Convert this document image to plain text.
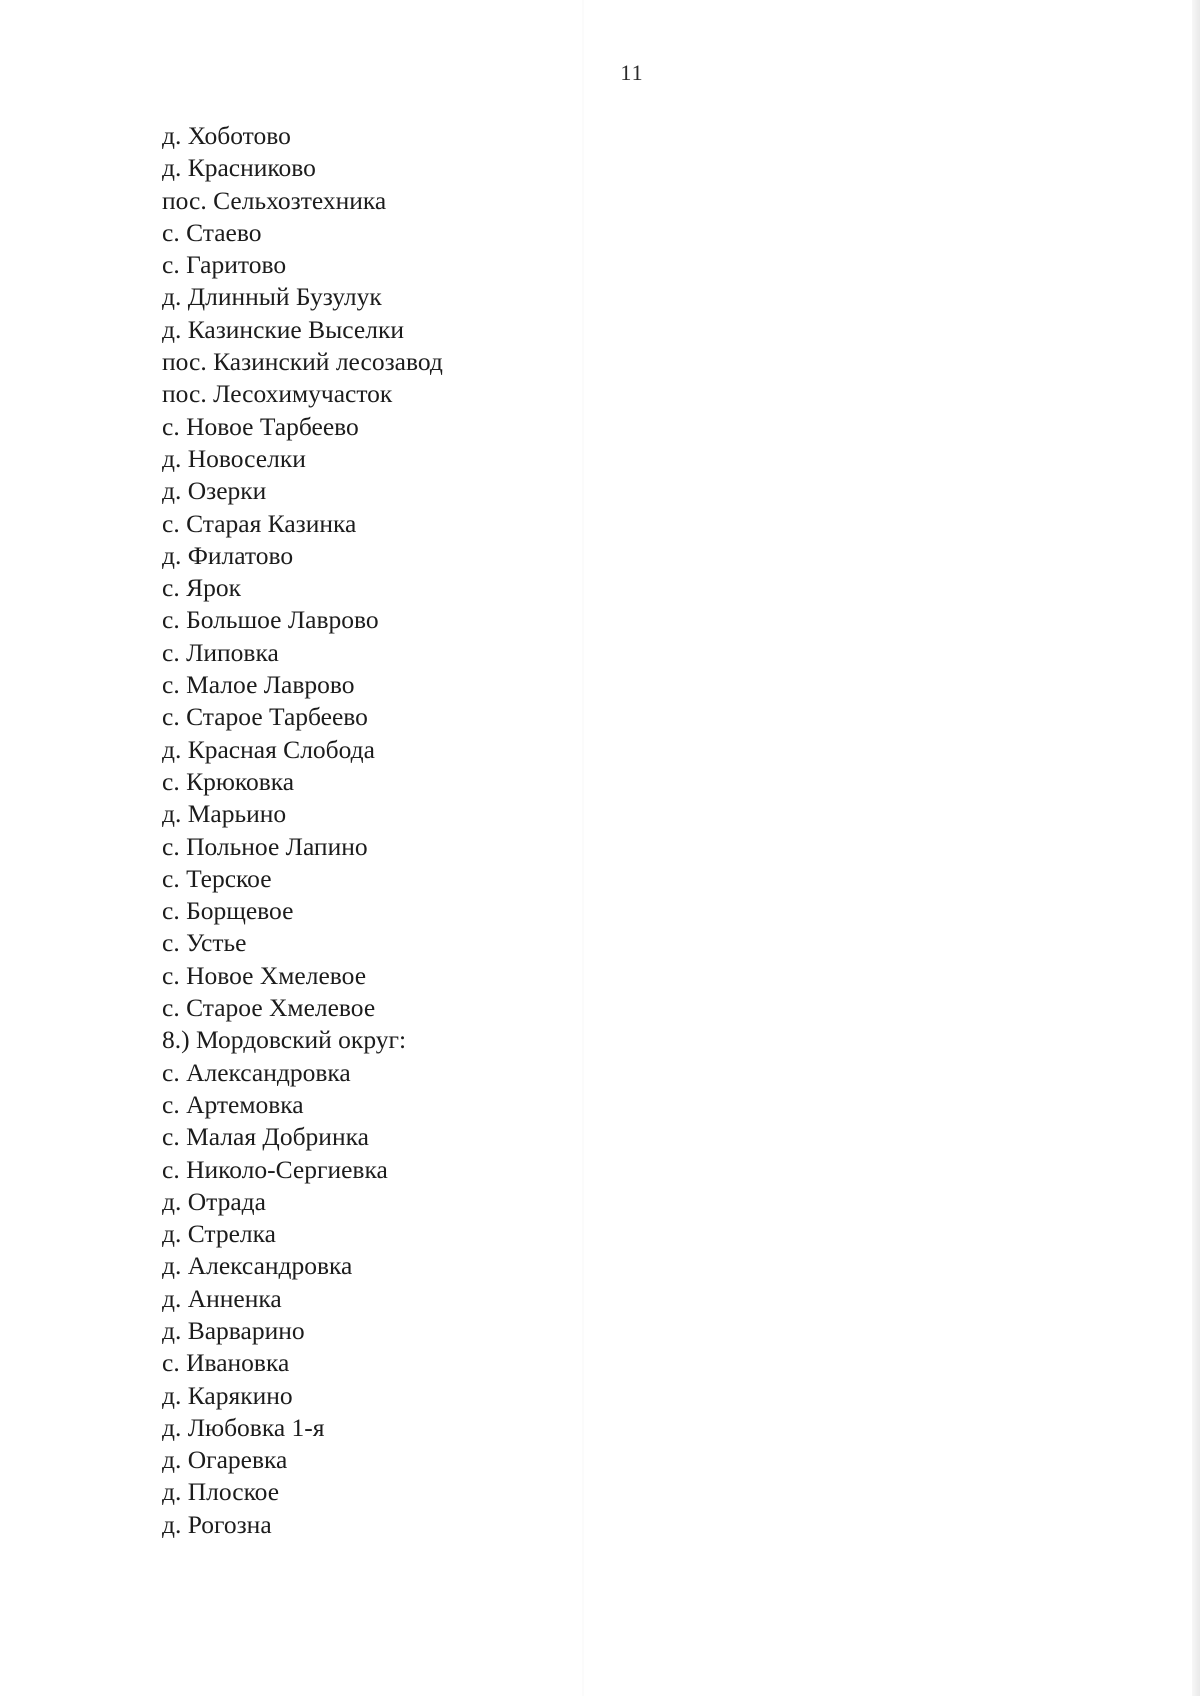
11
д. Хоботово
д. Красниково
пос. Сельхозтехника
с. Стаево
с. Гаритово
д. Длинный Бузулук
д. Казинские Выселки
пос. Казинский лесозавод
пос. Лесохимучасток
с. Новое Тарбеево
д. Новоселки
д. Озерки
с. Старая Казинка
д. Филатово
с. Ярок
с. Большое Лаврово
с. Липовка
с. Малое Лаврово
с. Старое Тарбеево
д. Красная Слобода
с. Крюковка
д. Марьино
с. Польное Лапино
с. Терское
с. Борщевое
с. Устье
с. Новое Хмелевое
с. Старое Хмелевое
8.) Мордовский округ:
с. Александровка
с. Артемовка
с. Малая Добринка
с. Николо-Сергиевка
д. Отрада
д. Стрелка
д. Александровка
д. Анненка
д. Варварино
с. Ивановка
д. Карякино
д. Любовка 1-я
д. Огаревка
д. Плоское
д. Рогозна
